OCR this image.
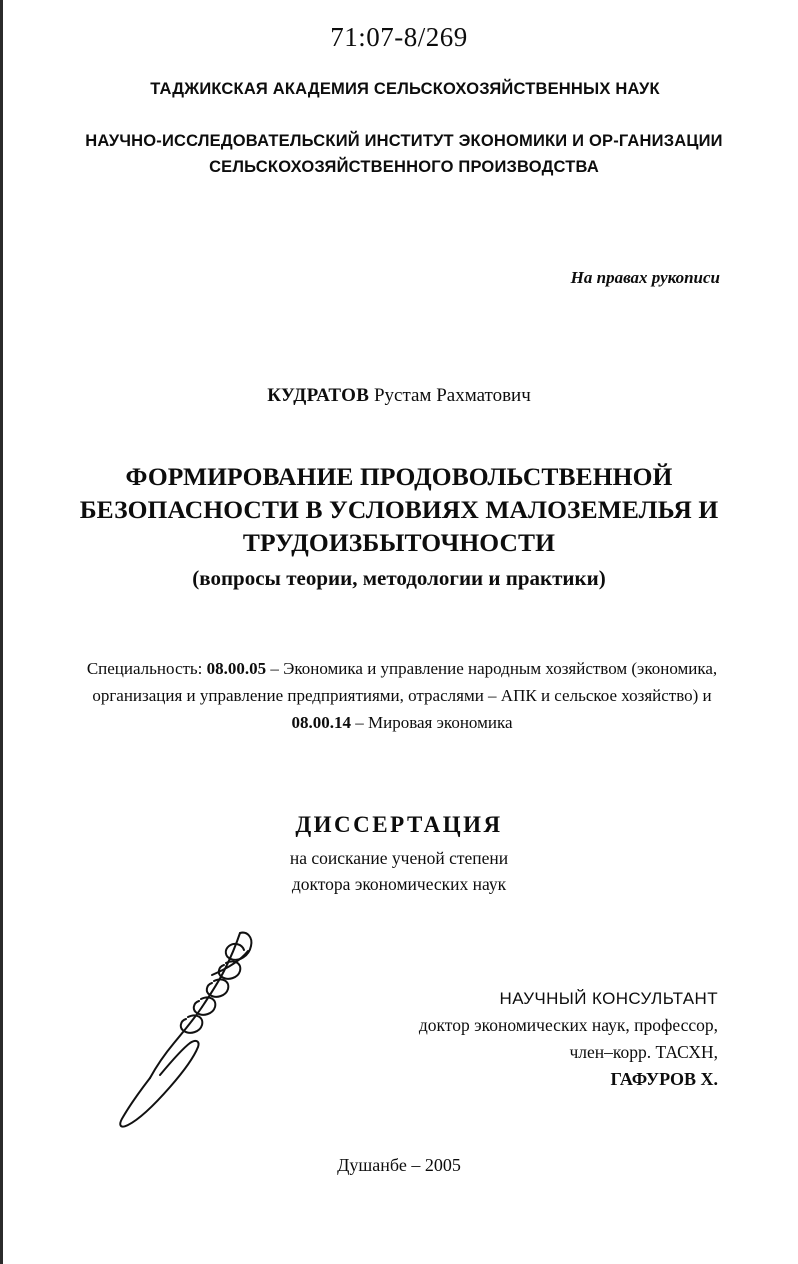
71:07-8/269
ТАДЖИКСКАЯ АКАДЕМИЯ СЕЛЬСКОХОЗЯЙСТВЕННЫХ НАУК
НАУЧНО-ИССЛЕДОВАТЕЛЬСКИЙ ИНСТИТУТ ЭКОНОМИКИ И ОР-ГАНИЗАЦИИ СЕЛЬСКОХОЗЯЙСТВЕННОГО ПРОИЗВОДСТВА
На правах рукописи
КУДРАТОВ Рустам Рахматович
ФОРМИРОВАНИЕ ПРОДОВОЛЬСТВЕННОЙ БЕЗОПАСНОСТИ В УСЛОВИЯХ МАЛОЗЕМЕЛЬЯ И ТРУДОИЗБЫТОЧНОСТИ
(вопросы теории, методологии и практики)
Специальность: 08.00.05 – Экономика и управление народным хозяйством (экономика, организация и управление предприятиями, отраслями – АПК и сельское хозяйство) и 08.00.14 – Мировая экономика
ДИССЕРТАЦИЯ
на соискание ученой степени
доктора экономических наук
НАУЧНЫЙ КОНСУЛЬТАНТ
доктор экономических наук, профессор,
член–корр. ТАСХН,
ГАФУРОВ Х.
Душанбе – 2005
